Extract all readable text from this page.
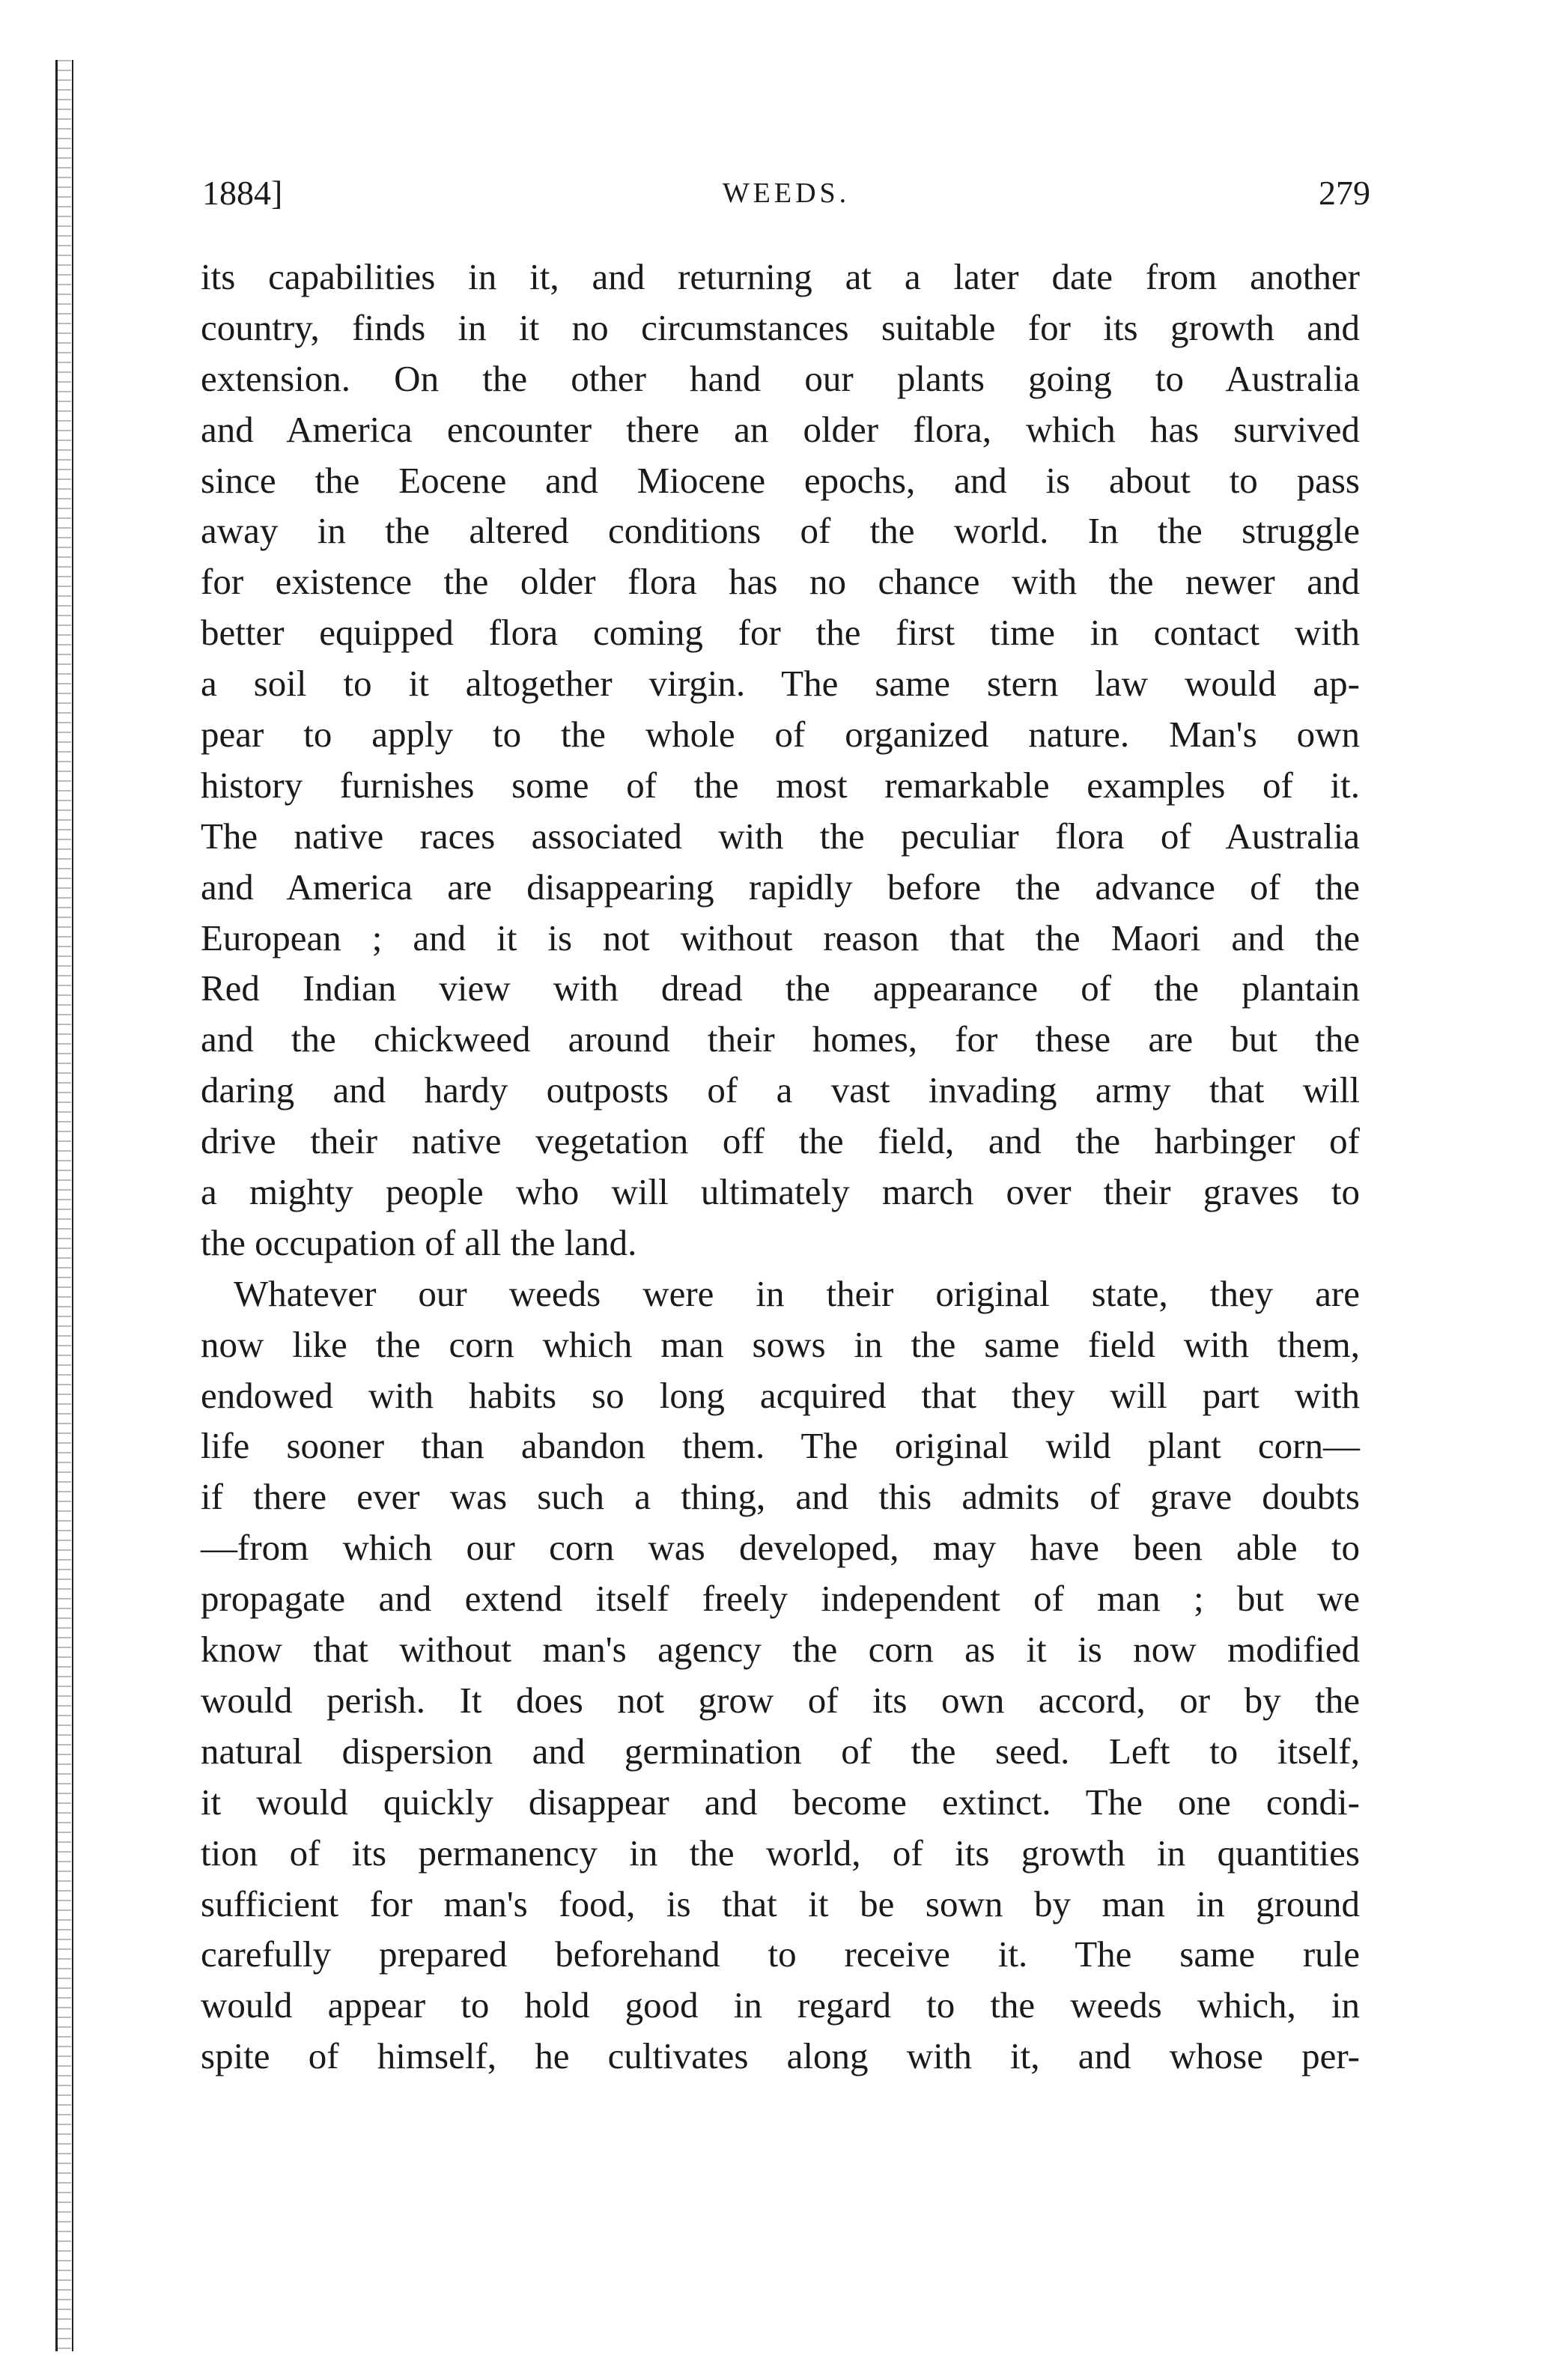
1884]	WEEDS.	279
its capabilities in it, and returning at a later date from another
country, finds in it no circumstances suitable for its growth and
extension. On the other hand our plants going to Australia
and America encounter there an older flora, which has survived
since the Eocene and Miocene epochs, and is about to pass
away in the altered conditions of the world. In the struggle
for existence the older flora has no chance with the newer and
better equipped flora coming for the first time in contact with
a soil to it altogether virgin. The same stern law would ap-
pear to apply to the whole of organized nature. Man's own
history furnishes some of the most remarkable examples of it.
The native races associated with the peculiar flora of Australia
and America are disappearing rapidly before the advance of the
European ; and it is not without reason that the Maori and the
Red Indian view with dread the appearance of the plantain
and the chickweed around their homes, for these are but the
daring and hardy outposts of a vast invading army that will
drive their native vegetation off the field, and the harbinger of
a mighty people who will ultimately march over their graves to
the occupation of all the land.
Whatever our weeds were in their original state, they are
now like the corn which man sows in the same field with them,
endowed with habits so long acquired that they will part with
life sooner than abandon them. The original wild plant corn—
if there ever was such a thing, and this admits of grave doubts
—from which our corn was developed, may have been able to
propagate and extend itself freely independent of man ; but we
know that without man's agency the corn as it is now modified
would perish. It does not grow of its own accord, or by the
natural dispersion and germination of the seed. Left to itself,
it would quickly disappear and become extinct. The one condi-
tion of its permanency in the world, of its growth in quantities
sufficient for man's food, is that it be sown by man in ground
carefully prepared beforehand to receive it. The same rule
would appear to hold good in regard to the weeds which, in
spite of himself, he cultivates along with it, and whose per-
